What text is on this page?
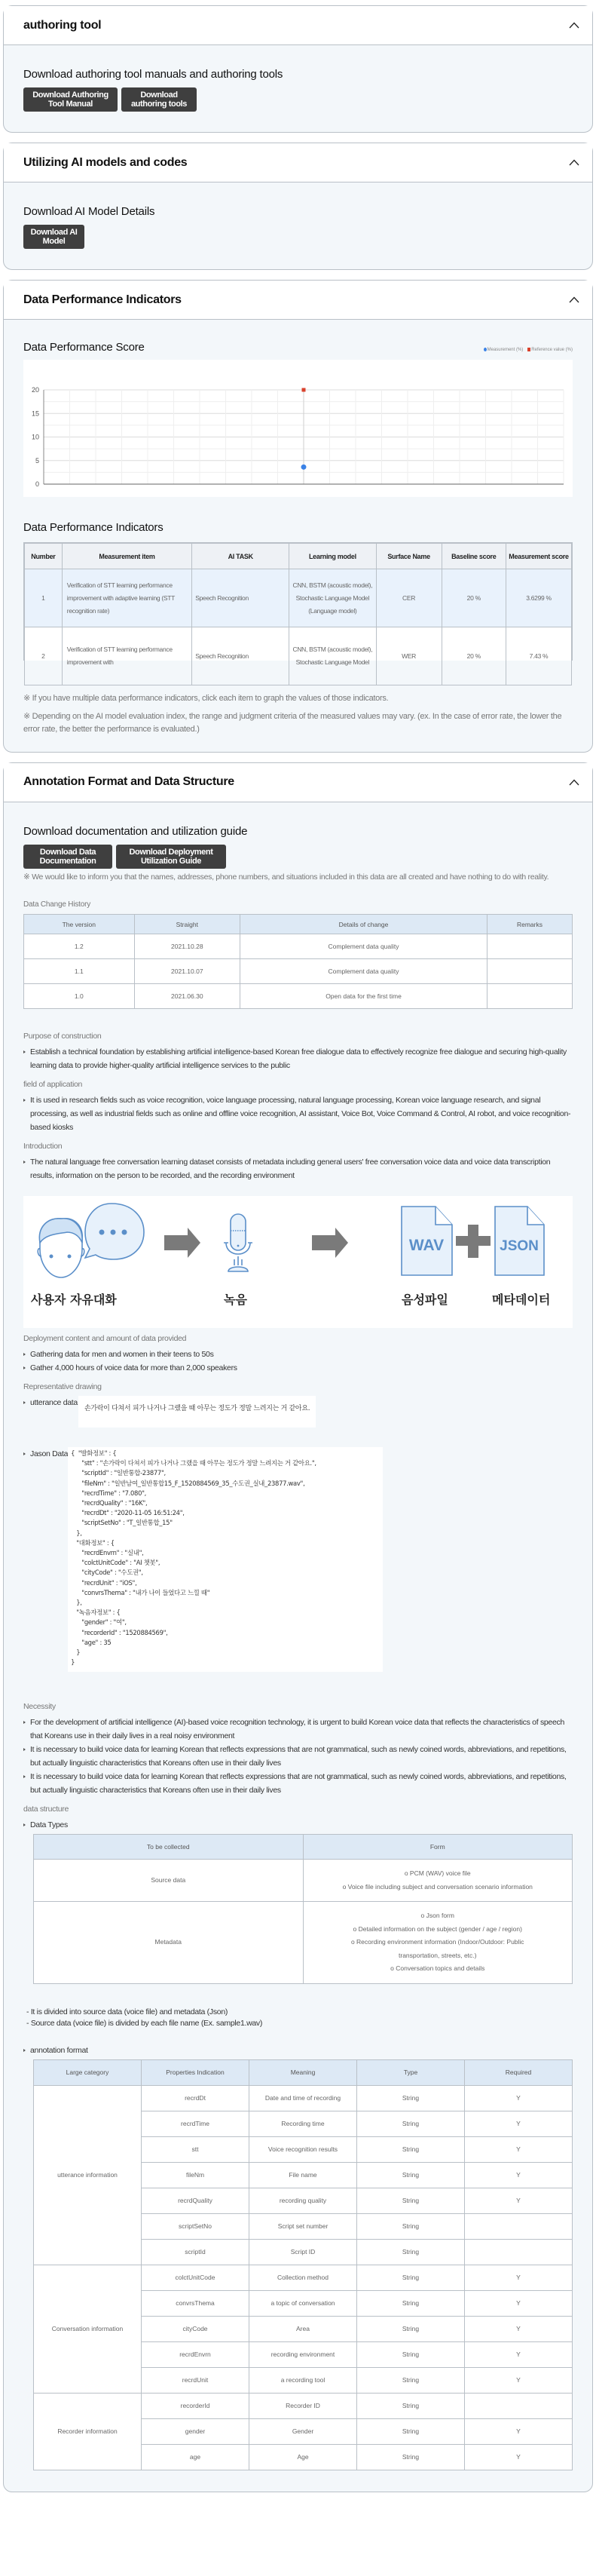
authoring tool
Download authoring tool manuals and authoring tools
Download Authoring Tool Manual
Download authoring tools
Utilizing AI models and codes
Download AI Model Details
Download AI Model
Data Performance Indicators
Data Performance Score	Measurement (%)	Reference value (%)
0
5
10
15
20
Data Performance Indicators
Number	Measurement item	AI TASK	Learning model	Surface Name	Baseline score	Measurement score
1	Verification of STT learning performance improvement with adaptive learning (STT recognition rate)	Speech Recognition	CNN, BSTM (acoustic model), Stochastic Language Model (Language model)	CER	20 %	3.6299 %
2	Verification of STT learning performance improvement with	Speech Recognition	CNN, BSTM (acoustic model), Stochastic Language Model	WER	20 %	7.43 %
※ If you have multiple data performance indicators, click each item to graph the values of those indicators.
※ Depending on the AI model evaluation index, the range and judgment criteria of the measured values may vary. (ex. In the case of error rate, the lower the error rate, the better the performance is evaluated.)
Annotation Format and Data Structure
Download documentation and utilization guide
Download Data Documentation
Download Deployment Utilization Guide
※ We would like to inform you that the names, addresses, phone numbers, and situations included in this data are all created and have nothing to do with reality.
Data Change History
The version	Straight	Details of change	Remarks
1.2	2021.10.28	Complement data quality	
1.1	2021.10.07	Complement data quality	
1.0	2021.06.30	Open data for the first time	
Purpose of construction
Establish a technical foundation by establishing artificial intelligence-based Korean free dialogue data to effectively recognize free dialogue and securing high-quality learning data to provide higher-quality artificial intelligence services to the public
field of application
It is used in research fields such as voice recognition, voice language processing, natural language processing, Korean voice language research, and signal processing, as well as industrial fields such as online and offline voice recognition, AI assistant, Voice Bot, Voice Command & Control, AI robot, and voice recognition-based kiosks
Introduction
The natural language free conversation learning dataset consists of metadata including general users' free conversation voice data and voice data transcription results, information on the person to be recorded, and the recording environment
WAV	JSON
사용자 자유대화	녹음	음성파일	메타데이터
Deployment content and amount of data provided
Gathering data for men and women in their teens to 50s
Gather 4,000 hours of voice data for more than 2,000 speakers
Representative drawing
utterance data손가락이 다쳐서 피가 나거나 그랬을 때 아무는 정도가 정말 느려지는 거 같아요.
Jason Data {  "발화정보" : {
"stt" : "손가락이 다쳐서 피가 나거나 그랬을 때 아무는 정도가 정말 느려지는 거 같아요.",
"scriptId" : "일반통합-23877",
"fileNm" : "일반남여_일반통합15_F_1520884569_35_수도권_실내_23877.wav",
"recrdTime" : "7.080",
"recrdQuality" : "16K",
"recrdDt" : "2020-11-05 16:51:24",
"scriptSetNo" : "T_일반통합_15"
},
"대화정보" : {
"recrdEnvrn" : "실내",
"colctUnitCode" : "AI 챗봇",
"cityCode" : "수도권",
"recrdUnit" : "iOS",
"convrsThema" : "내가 나이 들었다고 느낄 때"
},
"녹음자정보" : {
"gender" : "여",
"recorderId" : "1520884569",
"age" : 35
}
}
Necessity
For the development of artificial intelligence (AI)-based voice recognition technology, it is urgent to build Korean voice data that reflects the characteristics of speech that Koreans use in their daily lives in a real noisy environment
It is necessary to build voice data for learning Korean that reflects expressions that are not grammatical, such as newly coined words, abbreviations, and repetitions, but actually linguistic characteristics that Koreans often use in their daily lives
It is necessary to build voice data for learning Korean that reflects expressions that are not grammatical, such as newly coined words, abbreviations, and repetitions, but actually linguistic characteristics that Koreans often use in their daily lives
data structure
Data Types
To be collected	Form
Source data	o PCM (WAV) voice file
o Voice file including subject and conversation scenario information

Metadata	o Json form
o Detailed information on the subject (gender / age / region)
o Recording environment information (Indoor/Outdoor: Public
transportation, streets, etc.)
o Conversation topics and details
- It is divided into source data (voice file) and metadata (Json)
- Source data (voice file) is divided by each file name (Ex. sample1.wav)
annotation format
Large category	Properties Indication	Meaning	Type	Required
utterance information	recrdDt	Date and time of recording	String	Y
	recrdTime	Recording time	String	Y
	stt	Voice recognition results	String	Y
	fileNm	File name	String	Y
	recrdQuality	recording quality	String	Y
	scriptSetNo	Script set number	String	
	scriptId	Script ID	String	
Conversation information	colctUnitCode	Collection method	String	Y
	convrsThema	a topic of conversation	String	Y
	cityCode	Area	String	Y
	recrdEnvrn	recording environment	String	Y
	recrdUnit	a recording tool	String	Y
Recorder information	recorderId	Recorder ID	String	
	gender	Gender	String	Y
	age	Age	String	Y
